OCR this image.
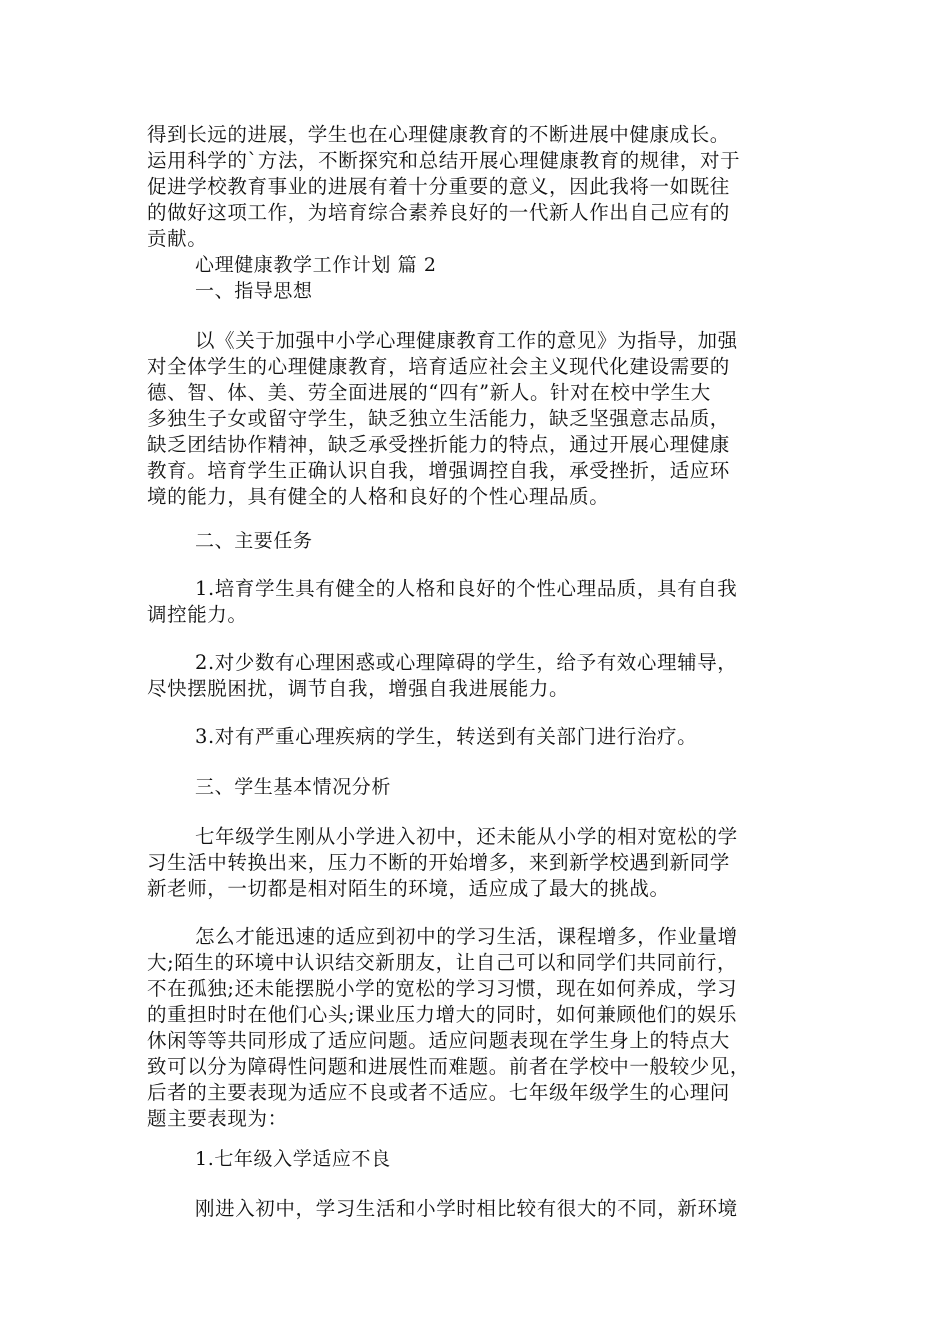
得到长远的进展，学生也在心理健康教育的不断进展中健康成长。
运用科学的`方法，不断探究和总结开展心理健康教育的规律，对于
促进学校教育事业的进展有着十分重要的意义，因此我将一如既往
的做好这项工作，为培育综合素养良好的一代新人作出自己应有的
贡献。
心理健康教学工作计划 篇 2
一、指导思想
以《关于加强中小学心理健康教育工作的意见》为指导，加强
对全体学生的心理健康教育，培育适应社会主义现代化建设需要的
德、智、体、美、劳全面进展的“四有”新人。针对在校中学生大
多独生子女或留守学生，缺乏独立生活能力，缺乏坚强意志品质，
缺乏团结协作精神，缺乏承受挫折能力的特点，通过开展心理健康
教育。培育学生正确认识自我，增强调控自我，承受挫折，适应环
境的能力，具有健全的人格和良好的个性心理品质。
二、主要任务
1.培育学生具有健全的人格和良好的个性心理品质，具有自我
调控能力。
2.对少数有心理困惑或心理障碍的学生，给予有效心理辅导，
尽快摆脱困扰，调节自我，增强自我进展能力。
3.对有严重心理疾病的学生，转送到有关部门进行治疗。
三、学生基本情况分析
七年级学生刚从小学进入初中，还未能从小学的相对宽松的学
习生活中转换出来，压力不断的开始增多，来到新学校遇到新同学
新老师，一切都是相对陌生的环境，适应成了最大的挑战。
怎么才能迅速的适应到初中的学习生活，课程增多，作业量增
大;陌生的环境中认识结交新朋友，让自己可以和同学们共同前行，
不在孤独;还未能摆脱小学的宽松的学习习惯，现在如何养成，学习
的重担时时在他们心头;课业压力增大的同时，如何兼顾他们的娱乐
休闲等等共同形成了适应问题。适应问题表现在学生身上的特点大
致可以分为障碍性问题和进展性而难题。前者在学校中一般较少见，
后者的主要表现为适应不良或者不适应。七年级年级学生的心理问
题主要表现为：
1.七年级入学适应不良
刚进入初中，学习生活和小学时相比较有很大的不同，新环境
